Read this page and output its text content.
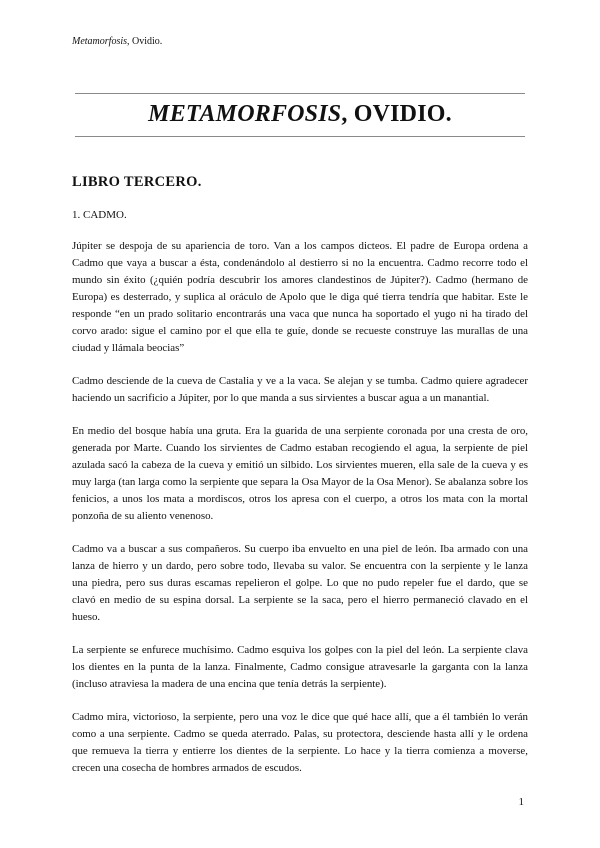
Metamorfosis, Ovidio.
METAMORFOSIS, OVIDIO.
LIBRO TERCERO.
1. CADMO.

Júpiter se despoja de su apariencia de toro. Van a los campos dicteos. El padre de Europa ordena a Cadmo que vaya a buscar a ésta, condenándolo al destierro si no la encuentra. Cadmo recorre todo el mundo sin éxito (¿quién podría descubrir los amores clandestinos de Júpiter?). Cadmo (hermano de Europa) es desterrado, y suplica al oráculo de Apolo que le diga qué tierra tendría que habitar. Este le responde “en un prado solitario encontrarás una vaca que nunca ha soportado el yugo ni ha tirado del corvo arado: sigue el camino por el que ella te guíe, donde se recueste construye las murallas de una ciudad y llámala beocias”

Cadmo desciende de la cueva de Castalia y ve a la vaca. Se alejan y se tumba. Cadmo quiere agradecer haciendo un sacrificio a Júpiter, por lo que manda a sus sirvientes a buscar agua a un manantial.

En medio del bosque había una gruta. Era la guarida de una serpiente coronada por una cresta de oro, generada por Marte. Cuando los sirvientes de Cadmo estaban recogiendo el agua, la serpiente de piel azulada sacó la cabeza de la cueva y emitió un silbido. Los sirvientes mueren, ella sale de la cueva y es muy larga (tan larga como la serpiente que separa la Osa Mayor de la Osa Menor). Se abalanza sobre los fenicios, a unos los mata a mordiscos, otros los apresa con el cuerpo, a otros los mata con la mortal ponzoña de su aliento venenoso.

Cadmo va a buscar a sus compañeros. Su cuerpo iba envuelto en una piel de león. Iba armado con una lanza de hierro y un dardo, pero sobre todo, llevaba su valor. Se encuentra con la serpiente y le lanza una piedra, pero sus duras escamas repelieron el golpe. Lo que no pudo repeler fue el dardo, que se clavó en medio de su espina dorsal. La serpiente se la saca, pero el hierro permaneció clavado en el hueso.

La serpiente se enfurece muchísimo. Cadmo esquiva los golpes con la piel del león. La serpiente clava los dientes en la punta de la lanza. Finalmente, Cadmo consigue atravesarle la garganta con la lanza (incluso atraviesa la madera de una encina que tenía detrás la serpiente).

Cadmo mira, victorioso, la serpiente, pero una voz le dice que qué hace allí, que a él también lo verán como a una serpiente. Cadmo se queda aterrado. Palas, su protectora, desciende hasta allí y le ordena que remueva la tierra y entierre los dientes de la serpiente. Lo hace y la tierra comienza a moverse, crecen una cosecha de hombres armados de escudos.

1
